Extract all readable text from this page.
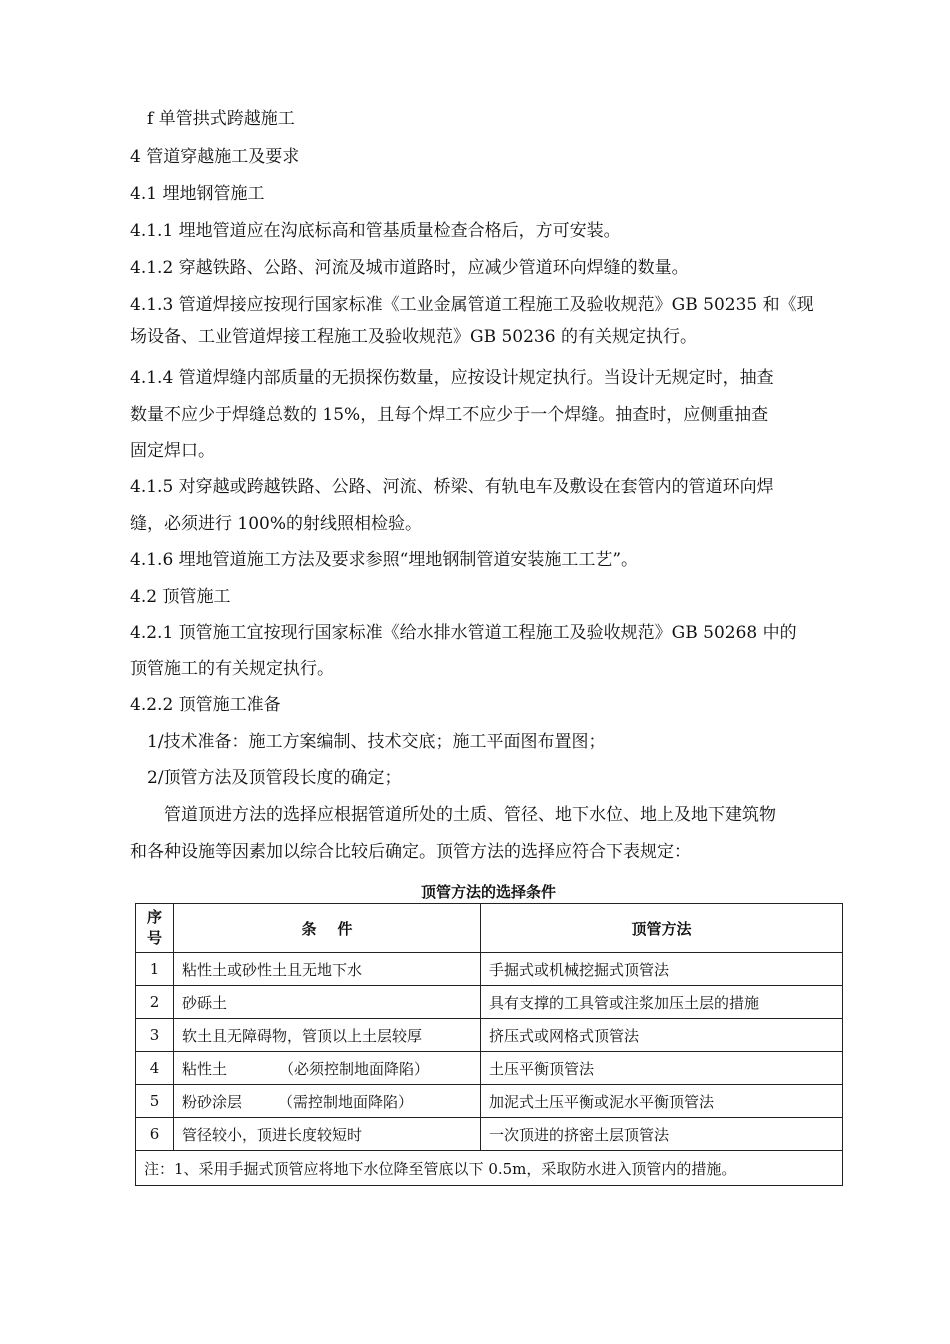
f 单管拱式跨越施工
4 管道穿越施工及要求
4.1 埋地钢管施工
4.1.1 埋地管道应在沟底标高和管基质量检查合格后，方可安装。
4.1.2 穿越铁路、公路、河流及城市道路时，应减少管道环向焊缝的数量。
4.1.3 管道焊接应按现行国家标准《工业金属管道工程施工及验收规范》GB 50235 和《现
场设备、工业管道焊接工程施工及验收规范》GB 50236 的有关规定执行。
4.1.4 管道焊缝内部质量的无损探伤数量，应按设计规定执行。当设计无规定时，抽查
数量不应少于焊缝总数的 15%，且每个焊工不应少于一个焊缝。抽查时，应侧重抽查
固定焊口。
4.1.5 对穿越或跨越铁路、公路、河流、桥梁、有轨电车及敷设在套管内的管道环向焊
缝，必须进行 100%的射线照相检验。
4.1.6 埋地管道施工方法及要求参照“埋地钢制管道安装施工工艺”。
4.2 顶管施工
4.2.1 顶管施工宜按现行国家标准《给水排水管道工程施工及验收规范》GB 50268 中的
顶管施工的有关规定执行。
4.2.2 顶管施工准备
1/技术准备：施工方案编制、技术交底；施工平面图布置图；
2/顶管方法及顶管段长度的确定；
管道顶进方法的选择应根据管道所处的土质、管径、地下水位、地上及地下建筑物
和各种设施等因素加以综合比较后确定。顶管方法的选择应符合下表规定：
顶管方法的选择条件
序
号	条    件	顶管方法
1	粘性土或砂性土且无地下水	手掘式或机械挖掘式顶管法
2	砂砾土	具有支撑的工具管或注浆加压土层的措施
3	软土且无障碍物，管顶以上土层较厚	挤压式或网格式顶管法
4	粘性土 （必须控制地面降陷）	土压平衡顶管法
5	粉砂涂层 （需控制地面降陷）	加泥式土压平衡或泥水平衡顶管法
6	管径较小，顶进长度较短时	一次顶进的挤密土层顶管法
注：1、采用手掘式顶管应将地下水位降至管底以下 0.5m，采取防水进入顶管内的措施。		
